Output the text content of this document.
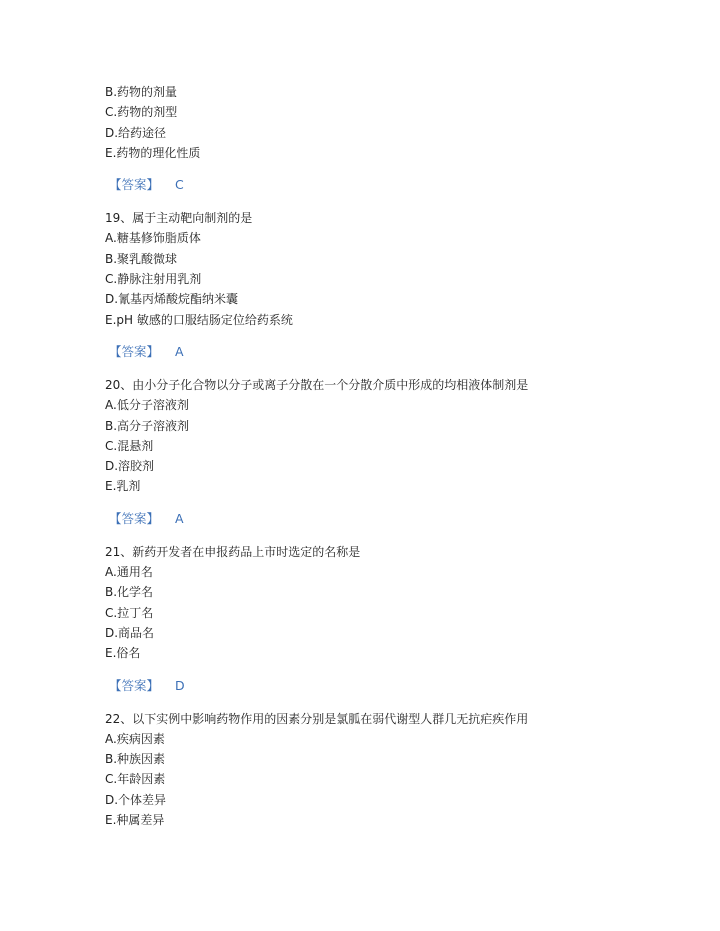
B.药物的剂量
C.药物的剂型
D.给药途径
E.药物的理化性质
【答案】 C
19、属于主动靶向制剂的是
A.糖基修饰脂质体
B.聚乳酸微球
C.静脉注射用乳剂
D.氰基丙烯酸烷酯纳米囊
E.pH 敏感的口服结肠定位给药系统
【答案】 A
20、由小分子化合物以分子或离子分散在一个分散介质中形成的均相液体制剂是
A.低分子溶液剂
B.高分子溶液剂
C.混悬剂
D.溶胶剂
E.乳剂
【答案】 A
21、新药开发者在申报药品上市时选定的名称是
A.通用名
B.化学名
C.拉丁名
D.商品名
E.俗名
【答案】 D
22、以下实例中影响药物作用的因素分别是氯胍在弱代谢型人群几无抗疟疾作用
A.疾病因素
B.种族因素
C.年龄因素
D.个体差异
E.种属差异
